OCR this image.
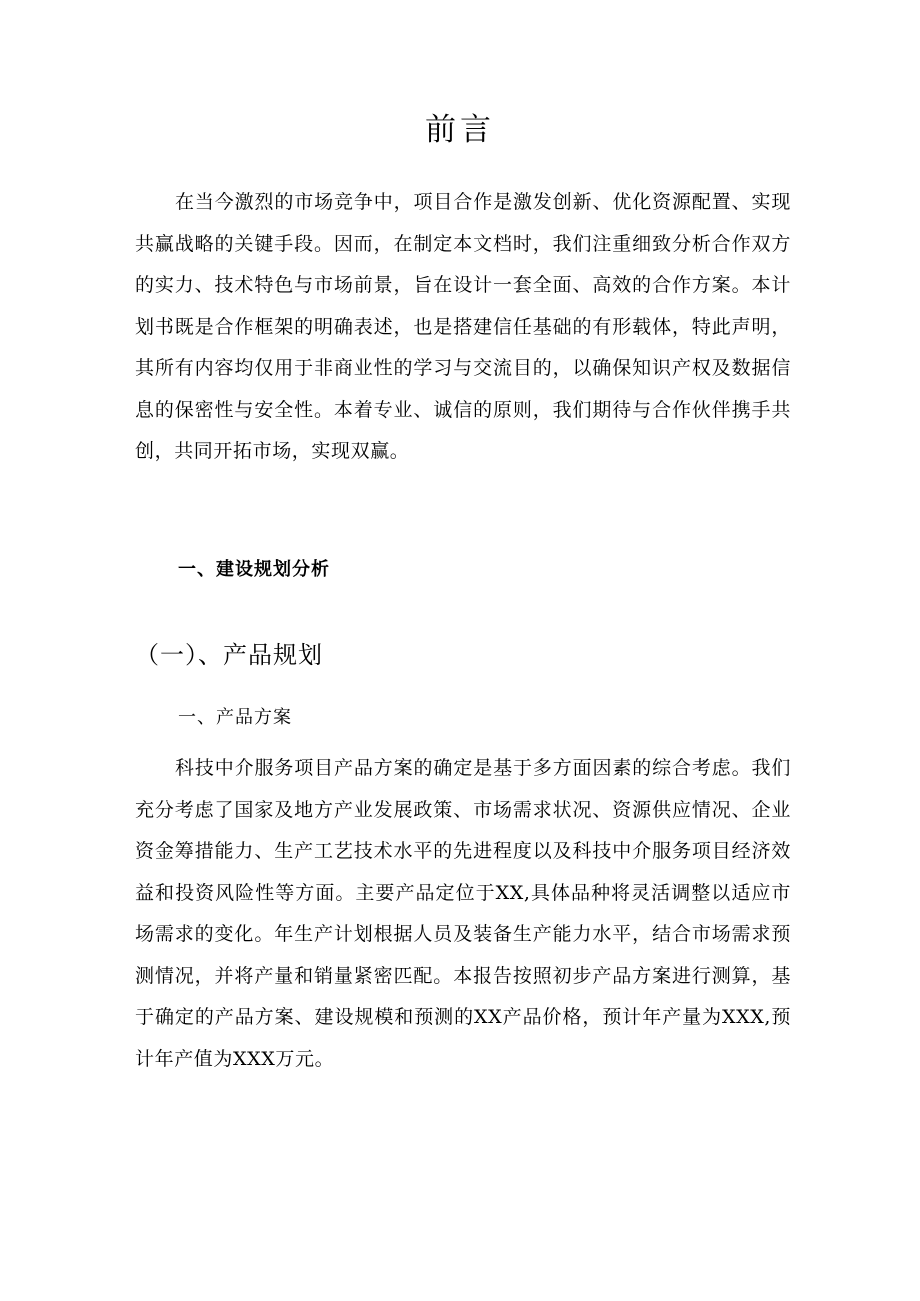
前言

在当今激烈的市场竞争中，项目合作是激发创新、优化资源配置、实现共赢战略的关键手段。因而，在制定本文档时，我们注重细致分析合作双方的实力、技术特色与市场前景，旨在设计一套全面、高效的合作方案。本计划书既是合作框架的明确表述，也是搭建信任基础的有形载体，特此声明，其所有内容均仅用于非商业性的学习与交流目的，以确保知识产权及数据信息的保密性与安全性。本着专业、诚信的原则，我们期待与合作伙伴携手共创，共同开拓市场，实现双赢。

一、建设规划分析
（一）、产品规划
一、产品方案

科技中介服务项目产品方案的确定是基于多方面因素的综合考虑。我们充分考虑了国家及地方产业发展政策、市场需求状况、资源供应情况、企业资金筹措能力、生产工艺技术水平的先进程度以及科技中介服务项目经济效益和投资风险性等方面。主要产品定位于XX,具体品种将灵活调整以适应市场需求的变化。年生产计划根据人员及装备生产能力水平，结合市场需求预测情况，并将产量和销量紧密匹配。本报告按照初步产品方案进行测算，基于确定的产品方案、建设规模和预测的XX产品价格，预计年产量为XXX,预计年产值为XXX万元。
